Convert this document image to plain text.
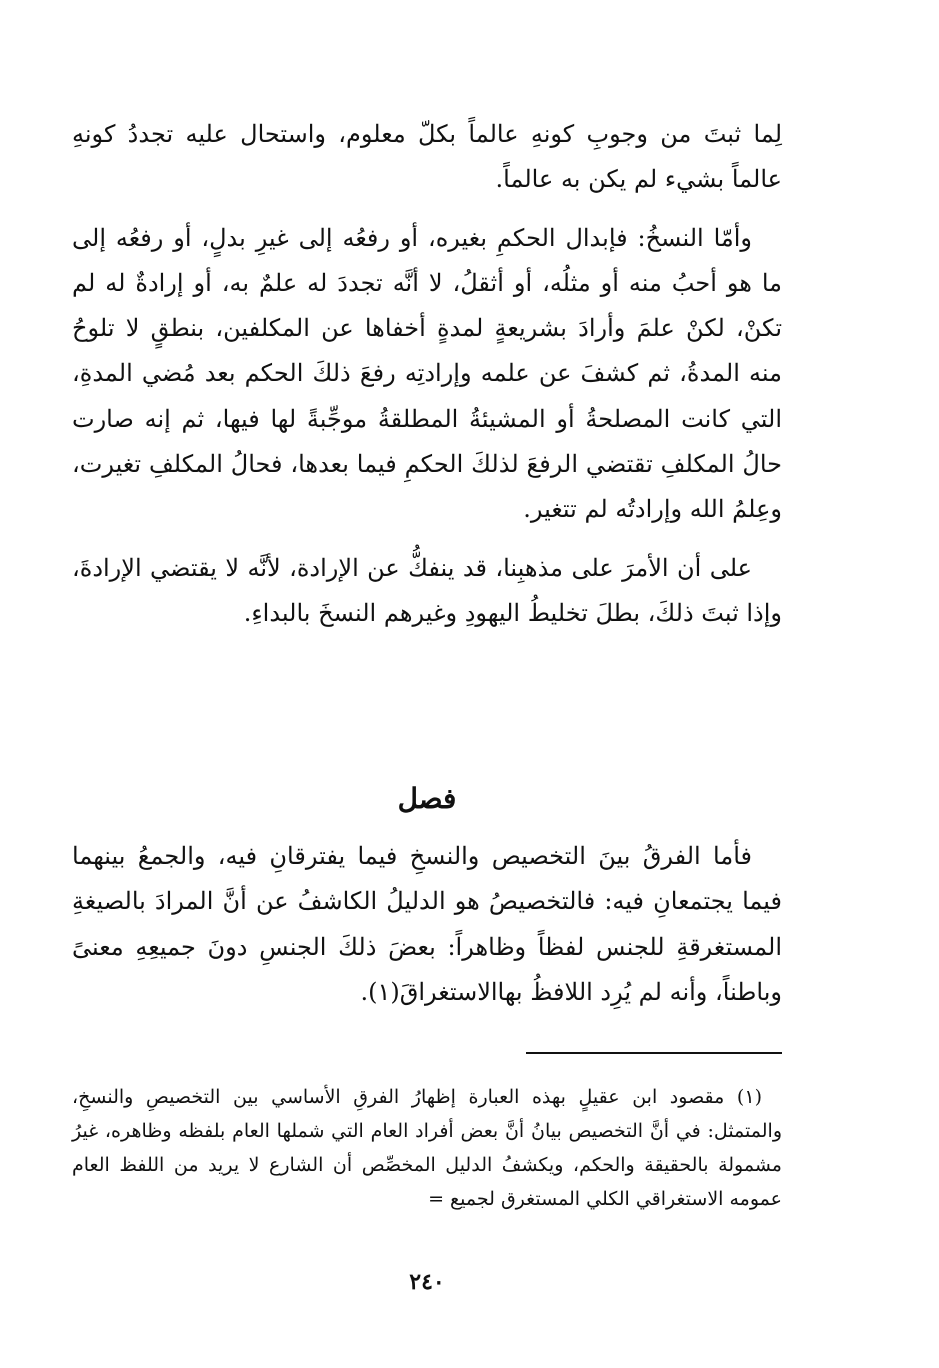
لِما ثبتَ من وجوبِ كونهِ عالماً بكلّ معلوم، واستحال عليه تجددُ كونهِ عالماً بشيء لم يكن به عالماً.

وأمّا النسخُ: فإبدال الحكمِ بغيره، أو رفعُه إلى غيرِ بدلٍ، أو رفعُه إلى ما هو أحبُ منه أو مثلُه، أو أثقلُ، لا أنَّه تجددَ له علمٌ به، أو إرادةٌ له لم تكنْ، لكنْ علمَ وأرادَ بشريعةٍ لمدةٍ أخفاها عن المكلفين، بنطقٍ لا تلوحُ منه المدةُ، ثم كشفَ عن علمه وإرادتِه رفعَ ذلكَ الحكم بعد مُضي المدةِ، التي كانت المصلحةُ أو المشيئةُ المطلقةُ موجِّبةً لها فيها، ثم إنه صارت حالُ المكلفِ تقتضي الرفعَ لذلكَ الحكمِ فيما بعدها، فحالُ المكلفِ تغيرت، وعِلمُ الله وإرادتُه لم تتغير.

على أن الأمرَ على مذهبِنا، قد ينفكُّ عن الإرادة، لأنَّه لا يقتضي الإرادةَ، وإذا ثبتَ ذلكَ، بطلَ تخليطُ اليهودِ وغيرهم النسخَ بالبداءِ.

فصل

فأما الفرقُ بينَ التخصيص والنسخِ فيما يفترقانِ فيه، والجمعُ بينهما فيما يجتمعانِ فيه: فالتخصيصُ هو الدليلُ الكاشفُ عن أنَّ المرادَ بالصيغةِ المستغرقةِ للجنس لفظاً وظاهراً: بعضَ ذلكَ الجنسِ دونَ جميعِهِ معنىً وباطناً، وأنه لم يُرِد اللافظُ بهاالاستغراقَ(١).

(١) مقصود ابن عقيلٍ بهذه العبارة إظهارُ الفرقِ الأساسي بين التخصيصِ والنسخِ، والمتمثل: في أنَّ التخصيص بيانُ أنَّ بعض أفراد العام التي شملها العام بلفظه وظاهره، غيرُ مشمولة بالحقيقة والحكم، ويكشفُ الدليل المخصِّص أن الشارع لا يريد من اللفظ العام عمومه الاستغراقي الكلي المستغرق لجميع =

٢٤٠
